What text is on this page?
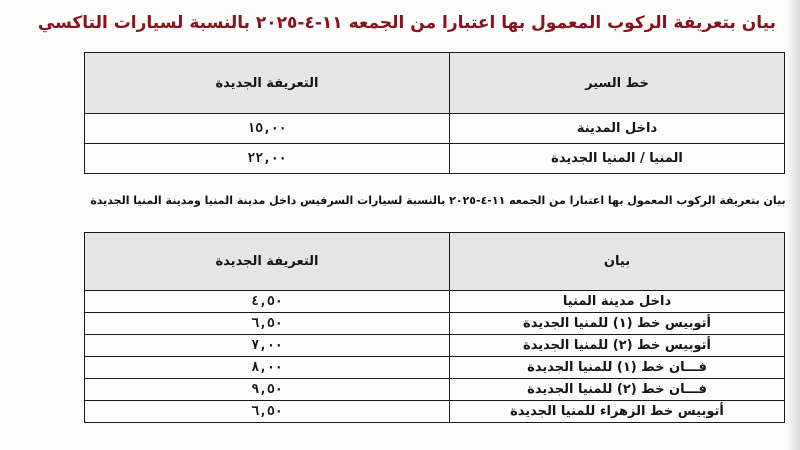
بيان بتعريفة الركوب المعمول بها اعتبارا من الجمعه ١١-٤-٢٠٢٥ بالنسبة لسيارات التاكسي
خط السير	التعريفة الجديدة
داخل المدينة	١٥,٠٠
المنيا / المنيا الجديدة	٢٢,٠٠
بيان بتعريفة الركوب المعمول بها اعتبارا من الجمعه ١١-٤-٢٠٢٥ بالنسبة لسيارات السرفيس داخل مدينة المنيا ومدينة المنيا الجديدة
بيان	التعريفة الجديدة
داخل مدينة المنيا	٤,٥٠
أتوبيس خط (١) للمنيا الجديدة	٦,٥٠
أتوبيس خط (٢) للمنيا الجديدة	٧,٠٠
فـــان خط (١) للمنيا الجديدة	٨,٠٠
فـــان خط (٢) للمنيا الجديدة	٩,٥٠
أتوبيس خط الزهراء للمنيا الجديدة	٦,٥٠
